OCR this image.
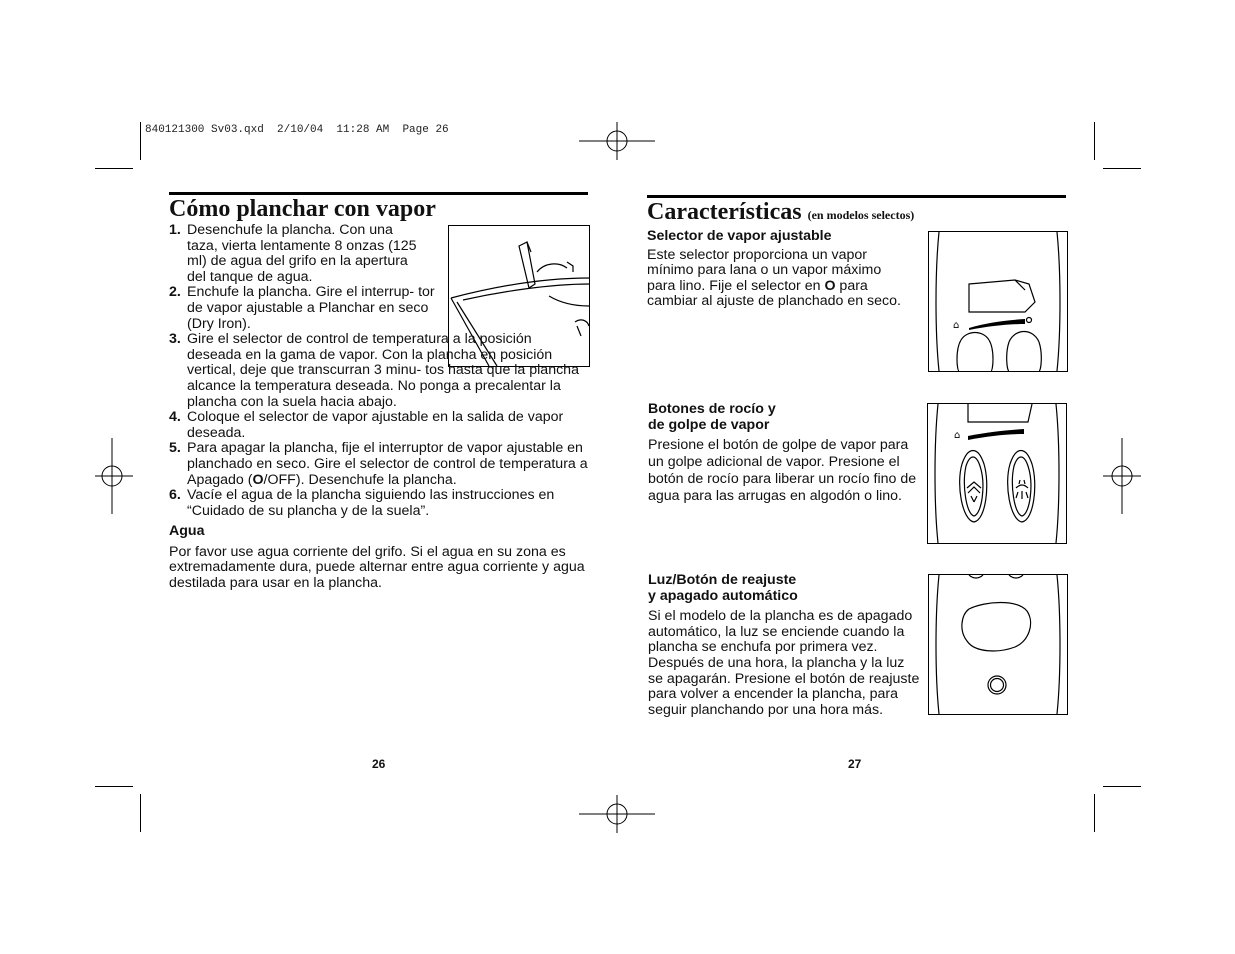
840121300 Sv03.qxd  2/10/04  11:28 AM  Page 26
Cómo planchar con vapor
1. Desenchufe la plancha. Con una taza, vierta lentamente 8 onzas (125 ml) de agua del grifo en la apertura del tanque de agua.
2. Enchufe la plancha. Gire el interrup- tor de vapor ajustable a Planchar en seco (Dry Iron).
3. Gire el selector de control de temperatura a la posición deseada en la gama de vapor. Con la plancha en posición vertical, deje que transcurran 3 minu- tos hasta que la plancha alcance la temperatura deseada. No ponga a precalentar la plancha con la suela hacia abajo.
4. Coloque el selector de vapor ajustable en la salida de vapor deseada.
5. Para apagar la plancha, fije el interruptor de vapor ajustable en planchado en seco. Gire el selector de control de temperatura a Apagado (O/OFF). Desenchufe la plancha.
6. Vacíe el agua de la plancha siguiendo las instrucciones en “Cuidado de su plancha y de la suela”.
Agua
Por favor use agua corriente del grifo. Si el agua en su zona es extremadamente dura, puede alternar entre agua corriente y agua destilada para usar en la plancha.
26
Características (en modelos selectos)
Selector de vapor ajustable
Este selector proporciona un vapor mínimo para lana o un vapor máximo para lino. Fije el selector en O para cambiar al ajuste de planchado en seco.
⌂
Botones de rocío y
de golpe de vapor
Presione el botón de golpe de vapor para un golpe adicional de vapor. Presione el botón de rocío para liberar un rocío fino de agua para las arrugas en algodón o lino.
⌂
Luz/Botón de reajuste
y apagado automático
Si el modelo de la plancha es de apagado automático, la luz se enciende cuando la plancha se enchufa por primera vez. Después de una hora, la plancha y la luz se apagarán. Presione el botón de reajuste para volver a encender la plancha, para seguir planchando por una hora más.
27
